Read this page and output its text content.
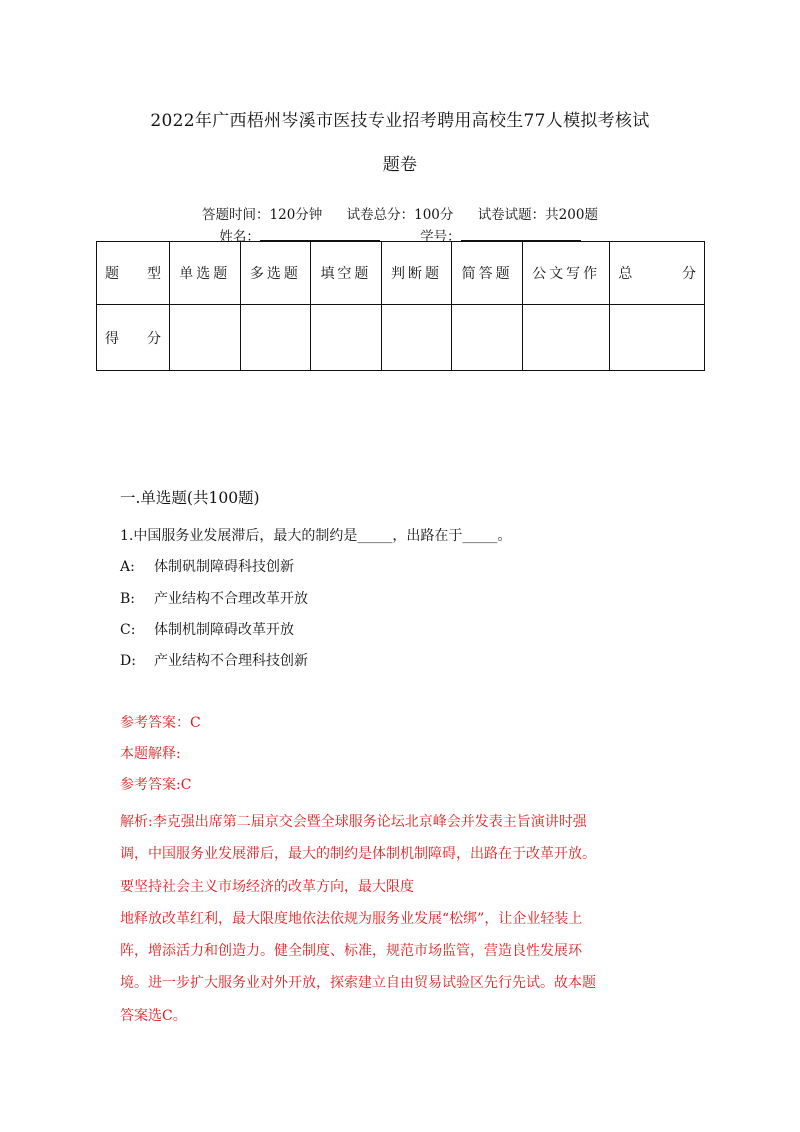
2022年广西梧州岑溪市医技专业招考聘用高校生77人模拟考核试
题卷
答题时间：120分钟 试卷总分：100分 试卷试题：共200题
姓名：	学号：
题 型	单选题	多选题	填空题	判断题	简答题	公文写作	总 分

得 分							

一.单选题(共100题)
1.中国服务业发展滞后，最大的制约是_____，出路在于_____。
A: 体制矾制障碍科技创新
B: 产业结构不合理改革开放
C: 体制机制障碍改革开放
D: 产业结构不合理科技创新
参考答案：C
本题解释:
参考答案:C

解析:李克强出席第二届京交会暨全球服务论坛北京峰会并发表主旨演讲时强

调，中国服务业发展滞后，最大的制约是体制机制障碍，出路在于改革开放。

要坚持社会主义市场经济的改革方向，最大限度

地释放改革红利，最大限度地依法依规为服务业发展“松绑”，让企业轻装上

阵，增添活力和创造力。健全制度、标准，规范市场监管，营造良性发展环

境。进一步扩大服务业对外开放，探索建立自由贸易试验区先行先试。故本题

答案选C。
